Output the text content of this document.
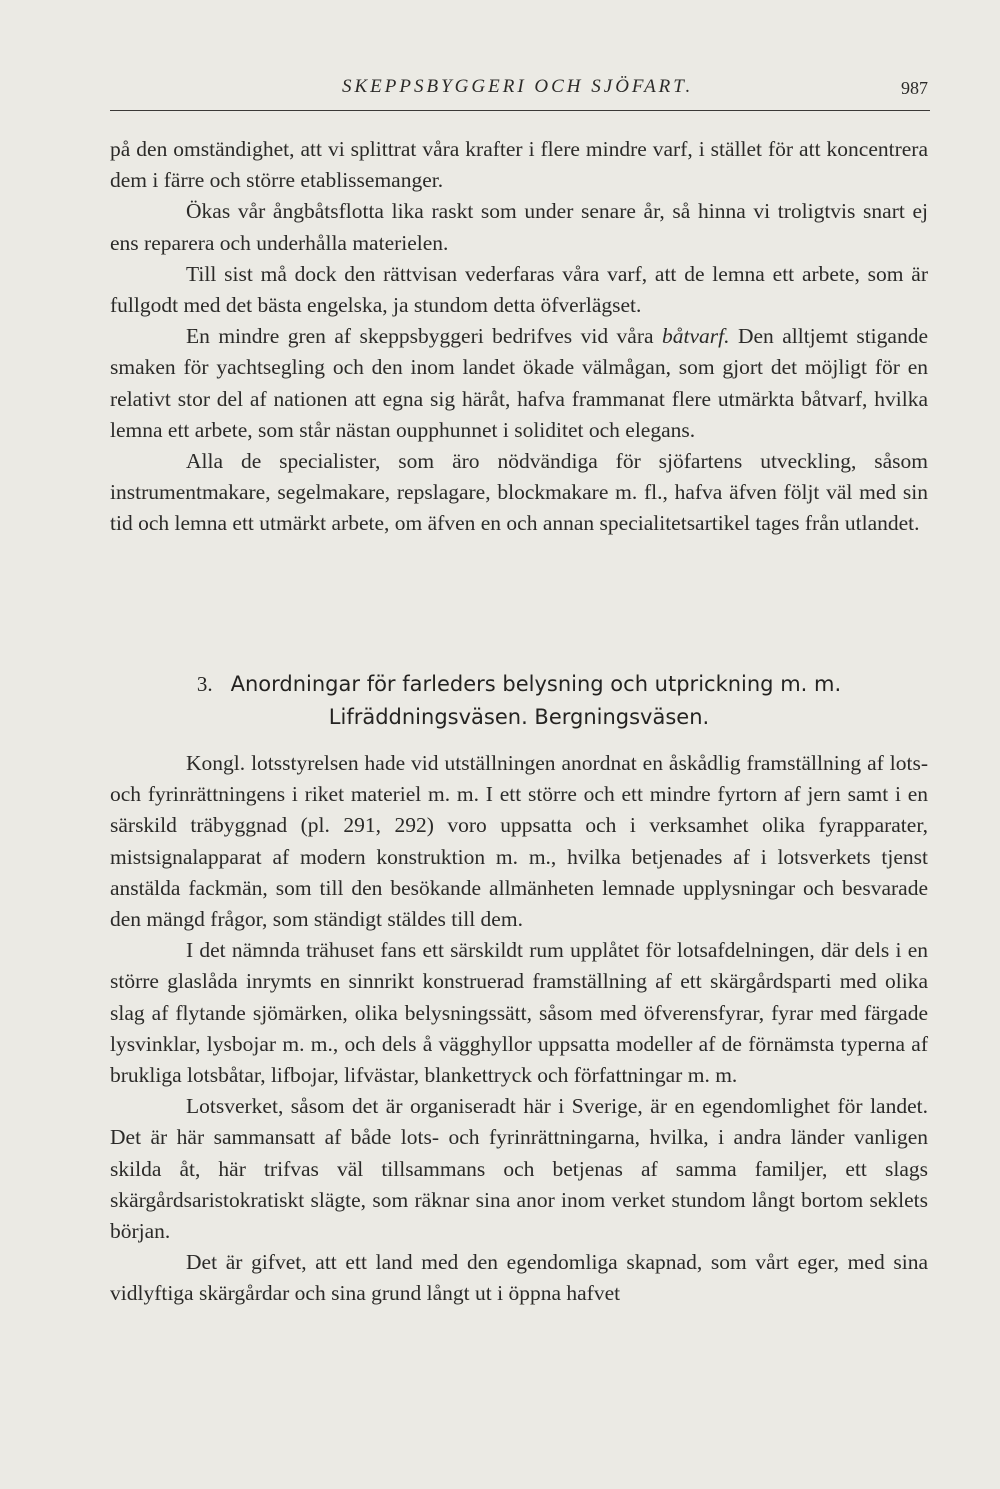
SKEPPSBYGGERI OCH SJÖFART.	987

på den omständighet, att vi splittrat våra krafter i flere mindre varf, i stället för att koncentrera dem i färre och större etablissemanger.

Ökas vår ångbåtsflotta lika raskt som under senare år, så hinna vi troligtvis snart ej ens reparera och underhålla materielen.

Till sist må dock den rättvisan vederfaras våra varf, att de lemna ett arbete, som är fullgodt med det bästa engelska, ja stundom detta öfverlägset.

En mindre gren af skeppsbyggeri bedrifves vid våra båtvarf. Den alltjemt stigande smaken för yachtsegling och den inom landet ökade välmågan, som gjort det möjligt för en relativt stor del af nationen att egna sig häråt, hafva frammanat flere utmärkta båtvarf, hvilka lemna ett arbete, som står nästan oupphunnet i soliditet och elegans.

Alla de specialister, som äro nödvändiga för sjöfartens utveckling, såsom instrumentmakare, segelmakare, repslagare, blockmakare m. fl., hafva äfven följt väl med sin tid och lemna ett utmärkt arbete, om äfven en och annan specialitetsartikel tages från utlandet.

3. Anordningar för farleders belysning och utprickning m. m.
Lifräddningsväsen. Bergningsväsen.

Kongl. lotsstyrelsen hade vid utställningen anordnat en åskådlig framställning af lots- och fyrinrättningens i riket materiel m. m. I ett större och ett mindre fyrtorn af jern samt i en särskild träbyggnad (pl. 291, 292) voro uppsatta och i verksamhet olika fyrapparater, mistsignalapparat af modern konstruktion m. m., hvilka betjenades af i lotsverkets tjenst anstälda fackmän, som till den besökande allmänheten lemnade upplysningar och besvarade den mängd frågor, som ständigt stäldes till dem.

I det nämnda trähuset fans ett särskildt rum upplåtet för lotsafdelningen, där dels i en större glaslåda inrymts en sinnrikt konstruerad framställning af ett skärgårdsparti med olika slag af flytande sjömärken, olika belysningssätt, såsom med öfverensfyrar, fyrar med färgade lysvinklar, lysbojar m. m., och dels å vägghyllor uppsatta modeller af de förnämsta typerna af brukliga lotsbåtar, lifbojar, lifvästar, blankettryck och författningar m. m.

Lotsverket, såsom det är organiseradt här i Sverige, är en egendomlighet för landet. Det är här sammansatt af både lots- och fyrinrättningarna, hvilka, i andra länder vanligen skilda åt, här trifvas väl tillsammans och betjenas af samma familjer, ett slags skärgårdsaristokratiskt slägte, som räknar sina anor inom verket stundom långt bortom seklets början.

Det är gifvet, att ett land med den egendomliga skapnad, som vårt eger, med sina vidlyftiga skärgårdar och sina grund långt ut i öppna hafvet
